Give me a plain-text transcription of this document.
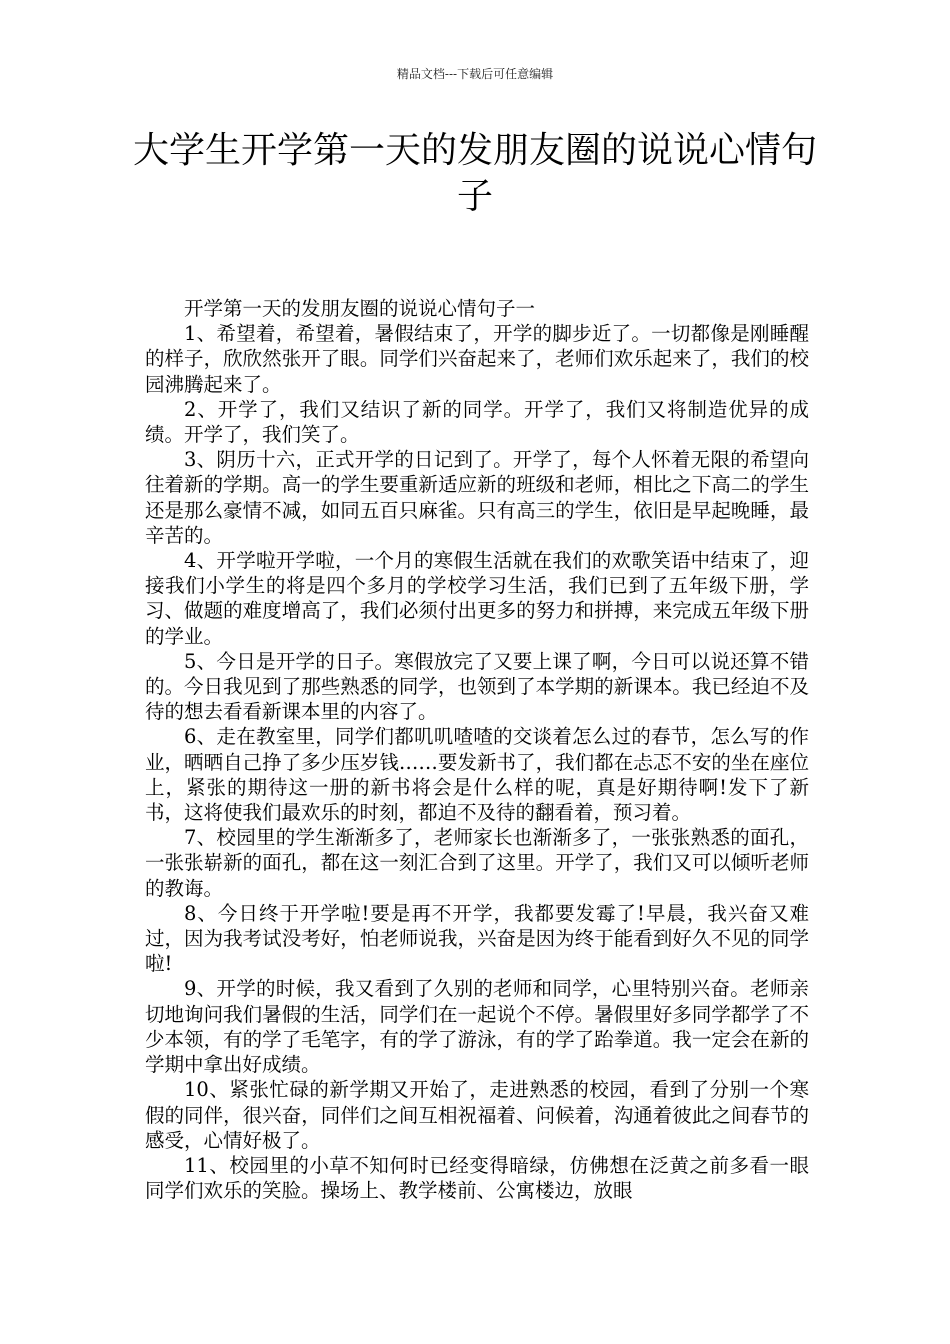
精品文档---下载后可任意编辑
大学生开学第一天的发朋友圈的说说心情句子

开学第一天的发朋友圈的说说心情句子一

1、希望着，希望着，暑假结束了，开学的脚步近了。一切都像是刚睡醒的样子，欣欣然张开了眼。同学们兴奋起来了，老师们欢乐起来了，我们的校园沸腾起来了。

2、开学了，我们又结识了新的同学。开学了，我们又将制造优异的成绩。开学了，我们笑了。

3、阴历十六，正式开学的日记到了。开学了，每个人怀着无限的希望向往着新的学期。高一的学生要重新适应新的班级和老师，相比之下高二的学生还是那么豪情不减，如同五百只麻雀。只有高三的学生，依旧是早起晚睡，最辛苦的。

4、开学啦开学啦，一个月的寒假生活就在我们的欢歌笑语中结束了，迎接我们小学生的将是四个多月的学校学习生活，我们已到了五年级下册，学习、做题的难度增高了，我们必须付出更多的努力和拼搏，来完成五年级下册的学业。

5、今日是开学的日子。寒假放完了又要上课了啊，今日可以说还算不错的。今日我见到了那些熟悉的同学，也领到了本学期的新课本。我已经迫不及待的想去看看新课本里的内容了。

6、走在教室里，同学们都叽叽喳喳的交谈着怎么过的春节，怎么写的作业，晒晒自己挣了多少压岁钱……要发新书了，我们都在忐忑不安的坐在座位上，紧张的期待这一册的新书将会是什么样的呢，真是好期待啊!发下了新书，这将使我们最欢乐的时刻，都迫不及待的翻看着，预习着。

7、校园里的学生渐渐多了，老师家长也渐渐多了，一张张熟悉的面孔，一张张崭新的面孔，都在这一刻汇合到了这里。开学了，我们又可以倾听老师的教诲。

8、今日终于开学啦!要是再不开学，我都要发霉了!早晨，我兴奋又难过，因为我考试没考好，怕老师说我，兴奋是因为终于能看到好久不见的同学啦!

9、开学的时候，我又看到了久别的老师和同学，心里特别兴奋。老师亲切地询问我们暑假的生活，同学们在一起说个不停。暑假里好多同学都学了不少本领，有的学了毛笔字，有的学了游泳，有的学了跆拳道。我一定会在新的学期中拿出好成绩。

10、紧张忙碌的新学期又开始了，走进熟悉的校园，看到了分别一个寒假的同伴，很兴奋，同伴们之间互相祝福着、问候着，沟通着彼此之间春节的感受，心情好极了。

11、校园里的小草不知何时已经变得暗绿，仿佛想在泛黄之前多看一眼同学们欢乐的笑脸。操场上、教学楼前、公寓楼边，放眼
